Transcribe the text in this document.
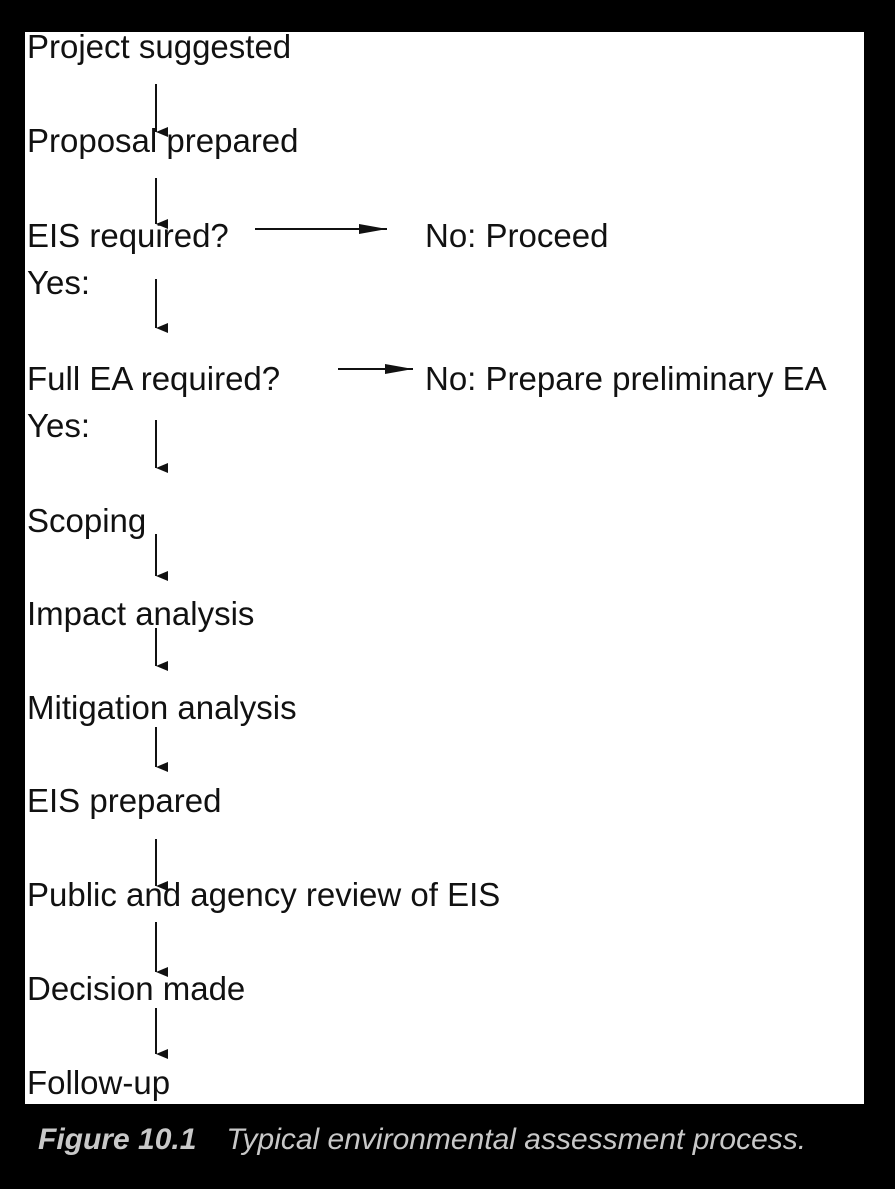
Project suggested
Proposal prepared
EIS required?	No: Proceed
Yes:
Full EA required?	No: Prepare preliminary EA
Yes:
Scoping
Impact analysis
Mitigation analysis
EIS prepared
Public and agency review of EIS
Decision made
Follow-up
Figure 10.1 Typical environmental assessment process.
